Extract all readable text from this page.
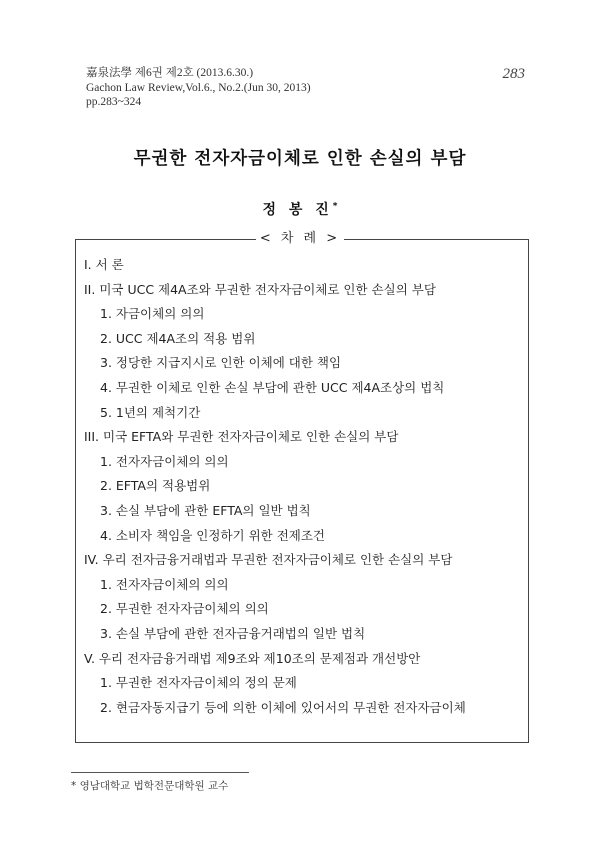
嘉泉法學 제6권 제2호 (2013.6.30.)
Gachon Law Review,Vol.6., No.2.(Jun 30, 2013)
pp.283~324
283
무권한 전자자금이체로 인한 손실의 부담
정 봉 진*
< 차 례 >
I. 서 론
II. 미국 UCC 제4A조와 무권한 전자자금이체로 인한 손실의 부담
1. 자금이체의 의의
2. UCC 제4A조의 적용 범위
3. 정당한 지급지시로 인한 이체에 대한 책임
4. 무권한 이체로 인한 손실 부담에 관한 UCC 제4A조상의 법칙
5. 1년의 제척기간
III. 미국 EFTA와 무권한 전자자금이체로 인한 손실의 부담
1. 전자자금이체의 의의
2. EFTA의 적용범위
3. 손실 부담에 관한 EFTA의 일반 법칙
4. 소비자 책임을 인정하기 위한 전제조건
IV. 우리 전자금융거래법과 무권한 전자자금이체로 인한 손실의 부담
1. 전자자금이체의 의의
2. 무권한 전자자금이체의 의의
3. 손실 부담에 관한 전자금융거래법의 일반 법칙
V. 우리 전자금융거래법 제9조와 제10조의 문제점과 개선방안
1. 무권한 전자자금이체의 정의 문제
2. 현금자동지급기 등에 의한 이체에 있어서의 무권한 전자자금이체
* 영남대학교 법학전문대학원 교수
